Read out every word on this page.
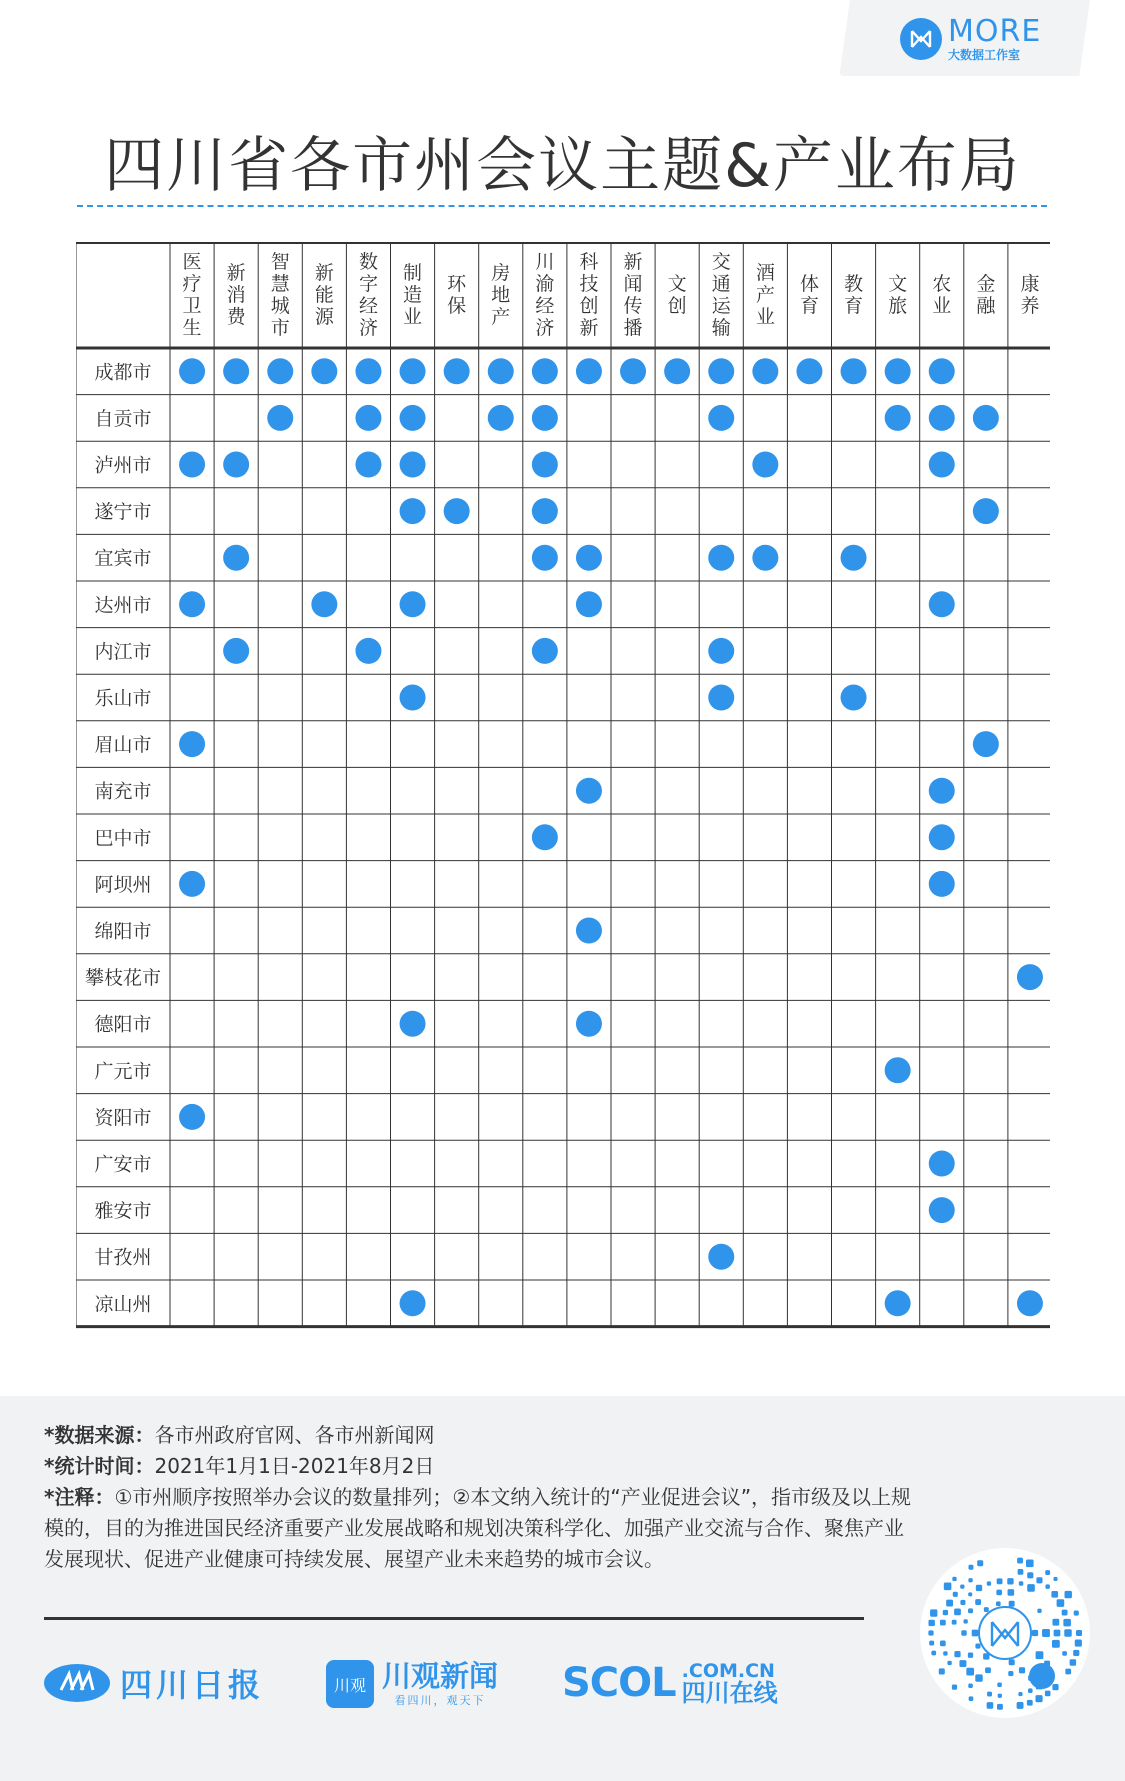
MORE
大数据工作室
四川省各市州会议主题&产业布局
医疗卫生
新消费
智慧城市
新能源
数字经济
制造业
环保
房地产
川渝经济
科技创新
新闻传播
文创
交通运输
酒产业
体育
教育
文旅
农业
金融
康养
成都市
自贡市
泸州市
遂宁市
宜宾市
达州市
内江市
乐山市
眉山市
南充市
巴中市
阿坝州
绵阳市
攀枝花市
德阳市
广元市
资阳市
广安市
雅安市
甘孜州
凉山州

*数据来源：各市州政府官网、各市州新闻网

*统计时间：2021年1月1日-2021年8月2日

*注释：①市州顺序按照举办会议的数量排列；②本文纳入统计的“产业促进会议”，指市级及以上规模的，目的为推进国民经济重要产业发展战略和规划决策科学化、加强产业交流与合作、聚焦产业发展现状、促进产业健康可持续发展、展望产业未来趋势的城市会议。

四川日报	川观 川观新闻
看四川，观天下	SCOL .COM.CN
四川在线
